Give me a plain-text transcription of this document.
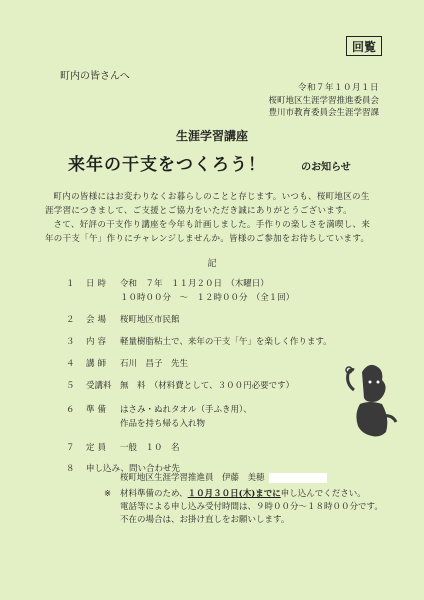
回覧
町内の皆さんへ
令和７年１０月１日
桜町地区生涯学習推進委員会
豊川市教育委員会生涯学習課
生涯学習講座
来年の干支をつくろう！	のお知らせ

町内の皆様にはお変わりなくお暮らしのことと存じます。いつも、桜町地区の生
涯学習につきまして、ご支援とご協力をいただき誠にありがとうございます。

さて、好評の干支作り講座を今年も計画しました。手作りの楽しさを満喫し、来
年の干支「午」作りにチャレンジしませんか。皆様のご参加をお待ちしています。

記
１	日時 令和　７年　１１月２０日　（木曜日）
１０時００分　～　１２時００分　（全１回）
２	会場 桜町地区市民館
３	内容 軽量樹脂粘土で、来年の干支「午」を楽しく作ります。
４	講師 石川　昌子　先生
５	受講料 無　料　（材料費として、３００円必要です）
６	準備 はさみ・ぬれタオル（手ふき用）、
作品を持ち帰る入れ物
７	定員 一般　１０　名
８	申し込み、問い合わせ先
桜町地区生涯学習推進員　伊藤　美穂
※ 材料準備のため、１０月３０日(木)までに申し込んでください。
電話等による申し込み受付時間は、９時００分～１８時００分です。
不在の場合は、お掛け直しをお願いします。
